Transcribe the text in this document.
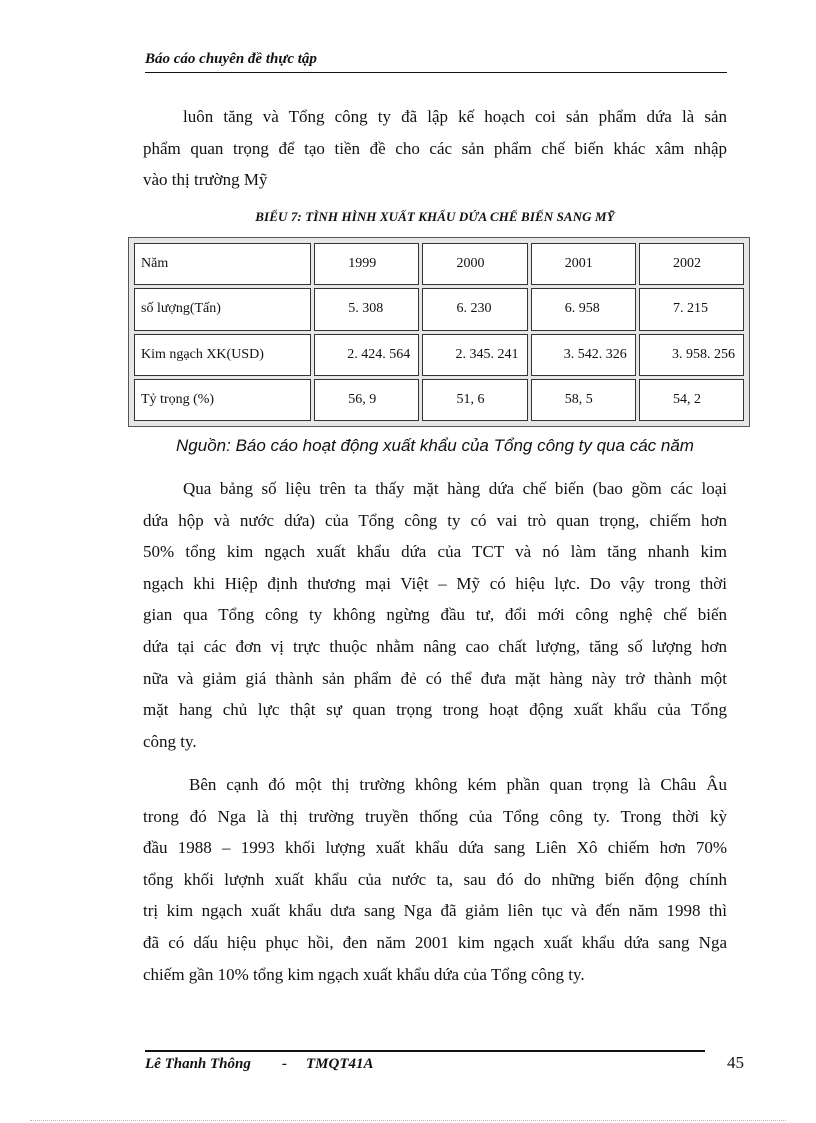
Báo cáo chuyên đề thực tập

luôn tăng và Tổng công ty đã lập kế hoạch coi sản phẩm dứa là sản
phẩm quan trọng để tạo tiền đề cho các sản phẩm chế biến khác xâm nhập
vào thị trường Mỹ

BIỂU 7: TÌNH HÌNH XUẤT KHẨU DỨA CHẾ BIẾN SANG MỸ
Năm	1999	2000	2001	2002
số lượng(Tấn)	5. 308	6. 230	6. 958	7. 215
Kim ngạch XK(USD)	2. 424. 564	2. 345. 241	3. 542. 326	3. 958. 256
Tỷ trọng (%)	56, 9	51, 6	58, 5	54, 2
Nguồn: Báo cáo hoạt động xuất khẩu của Tổng công ty qua các năm

Qua bảng số liệu trên ta thấy mặt hàng dứa chế biến (bao gồm các loại
dứa hộp và nước dứa) của Tổng công ty có vai trò quan trọng, chiếm hơn
50% tổng kim ngạch xuất khẩu dứa của TCT và nó làm tăng nhanh kim
ngạch khi Hiệp định thương mại Việt – Mỹ có hiệu lực. Do vậy trong thời
gian qua Tổng công ty không ngừng đầu tư, đổi mới công nghệ chế biến
dứa tại các đơn vị trực thuộc nhằm nâng cao chất lượng, tăng số lượng hơn
nữa và giảm giá thành sản phẩm đẻ có thể đưa mặt hàng này trở thành một
mặt hang chủ lực thật sự quan trọng trong hoạt động xuất khẩu của Tổng
công ty.

Bên cạnh đó một thị trường không kém phần quan trọng là Châu Âu
trong đó Nga là thị trường truyền thống của Tổng công ty. Trong thời kỳ
đầu 1988 – 1993 khối lượng xuất khẩu dứa sang Liên Xô chiếm hơn 70%
tổng khối lượnh xuất khẩu của nước ta, sau đó do những biến động chính
trị kim ngạch xuất khẩu dưa sang Nga đã giảm liên tục và đến năm 1998 thì
đã có dấu hiệu phục hồi, đen năm 2001 kim ngạch xuất khẩu dứa sang Nga
chiếm gần 10% tổng kim ngạch xuất khẩu dứa của Tổng công ty.

Lê Thanh Thông - TMQT41A	45
